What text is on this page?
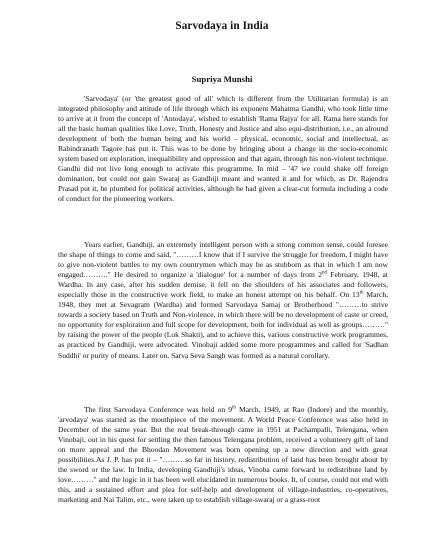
Sarvodaya in India
Supriya Munshi

'Sarvodaya' (or 'the greatest good of all' which is different from the Utilitarian formula) is an integrated philosophy and attitude of life through which its exponent Mahatma Gandhi, who took little time to arrive at it from the concept of 'Antodaya', wished to establish 'Rama Rajya' for all. Rama here stands for all the basic human qualities like Love, Truth, Honesty and Justice and also equi-distribution, i.e., an alround development of both the human being and his world – physical, economic, social and intellectual, as Rabindranath Tagore has put it. This was to be done by bringing about a change in the socio-economic system based on exploration, inequalibility and oppression and that again, through his non-violent technique. Gandhi did not live long enough to activate this programme. In mid – '47 we could shake off foreign domination, but could not gain Swaraj as Gandhiji meant and wanted it and for which, as Dr. Rajendra Prasad put it, he plumbed for political activities, although he had given a clear-cut formula including a code of conduct for the pioneering workers.

Years earlier, Gandhiji, an extremely intelligent person with a strong common sense, could foresee the shape of things to come and said, "………I know that if I survive the struggle for freedom, I might have to give non-violent battles to my own countrymen which may be as stubborn as that in which I am now engaged………." He desired to organize a 'dialogue' for a number of days from 2nd February, 1948, at Wardha. In any case, after his sudden demise, it fell on the shoulders of his associates and followers, especially those in the constructive work field, to make an honest attempt on his behalf. On 13th March, 1948, they met at Sevagram (Wardha) and formed Sarvodaya Samaj or Brotherhood "………to strive towards a society based on Truth and Non-violence, in which there will be no development of caste or creed, no opportunity for exploration and full scope for development, both for individual as well as groups………" by raising the power of the people (Lok Shakti), and to achieve this, various constructive work programmes, as practiced by Gandhiji, were advocated. Vinobaji added some more programmes and called for 'Sadhan Suddhi' or purity of means. Later on, Sarva Seva Sangh was formed as a natural corollary.

The first Sarvodaya Conference was held on 9th March, 1949, at Rao (Indore) and the monthly, 'arvodaya' was started as the mouthpiece of the movement. A World Peace Conference was also held in December of the same year. But the real break-through came in 1951 at Pachampalli, Telengana, when Vinobaji, out in his quest for settling the then famous Telengana problem, received a volunteery gift of land on more appeal and the Bhoodan Movement was born opening up a new direction and with great possibilities.As J. P. has put it – "………so far in history, redistribution of land has been brought about by the sword or the law. In India, developing Gandhiji's ideas, Vinoba came forward to redistribute land by love………" and the logic in it has been well elucidated in numerous books. It, of course, could not end with this, and a sustained effort and plea for self-help and development of village-industries, co-operatives, marketing and Nai Talim, etc., were taken up to establish village-swaraj or a grass-root
